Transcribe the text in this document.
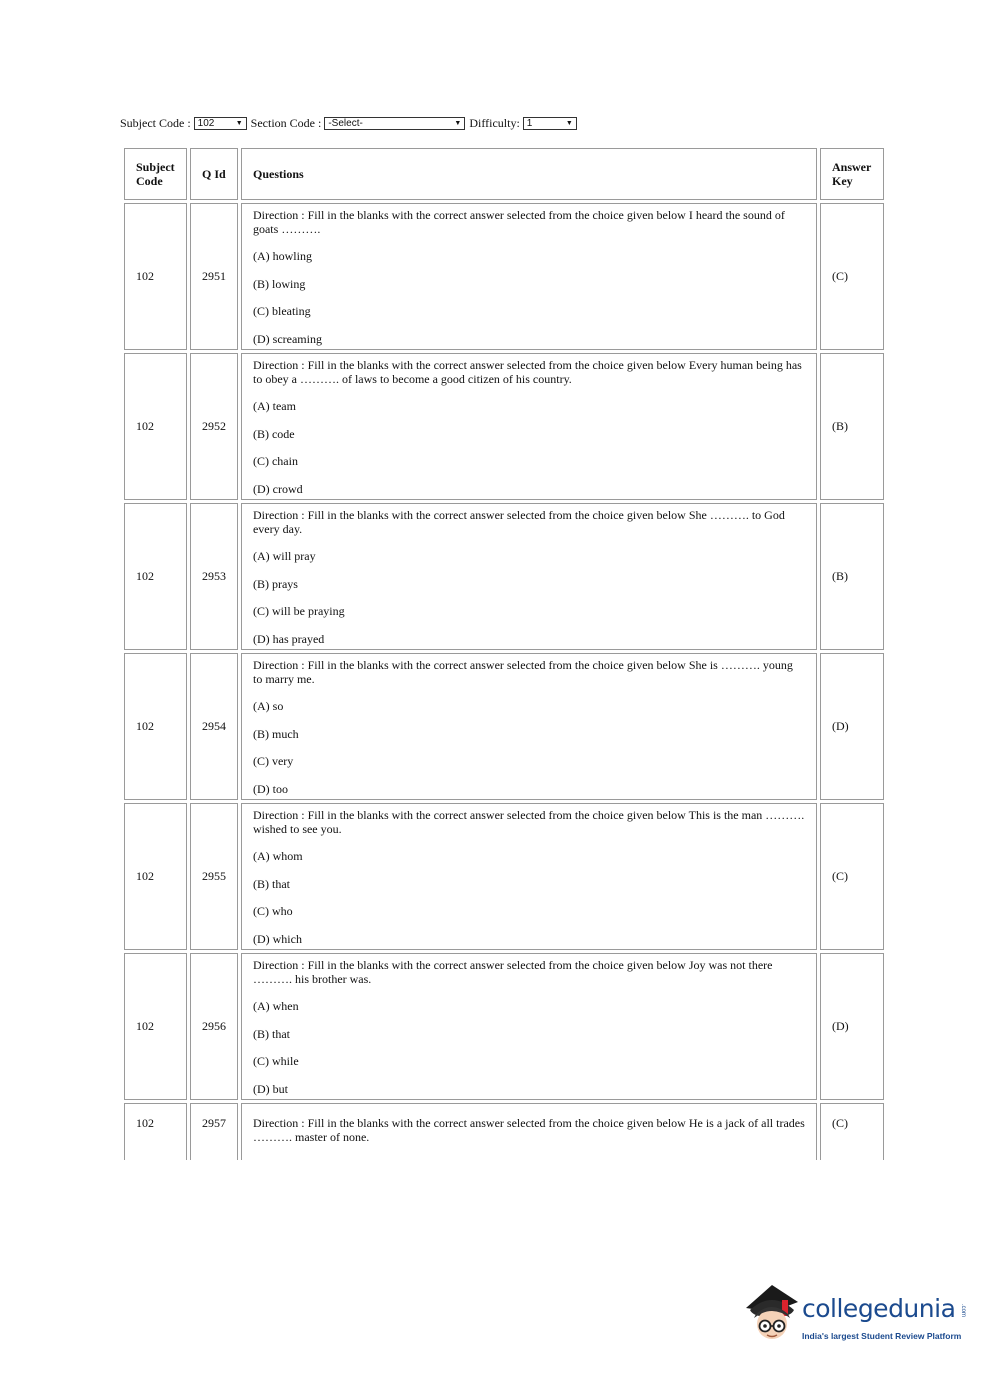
Subject Code : 102	▼ Section Code : -Select-	▼ Difficulty: 1	▼
Subject Code	Q Id	Questions	Answer Key
102	2951	Direction : Fill in the blanks with the correct answer selected from the choice given below I heard the sound of goats ……….
(A) howling
(B) lowing
(C) bleating
(D) screaming	(C)
102	2952	Direction : Fill in the blanks with the correct answer selected from the choice given below Every human being has to obey a ………. of laws to become a good citizen of his country.
(A) team
(B) code
(C) chain
(D) crowd	(B)
102	2953	Direction : Fill in the blanks with the correct answer selected from the choice given below She ………. to God every day.
(A) will pray
(B) prays
(C) will be praying
(D) has prayed	(B)
102	2954	Direction : Fill in the blanks with the correct answer selected from the choice given below She is ………. young to marry me.
(A) so
(B) much
(C) very
(D) too	(D)
102	2955	Direction : Fill in the blanks with the correct answer selected from the choice given below This is the man ………. wished to see you.
(A) whom
(B) that
(C) who
(D) which	(C)
102	2956	Direction : Fill in the blanks with the correct answer selected from the choice given below Joy was not there ………. his brother was.
(A) when
(B) that
(C) while
(D) but	(D)
102	2957	Direction : Fill in the blanks with the correct answer selected from the choice given below He is a jack of all trades ………. master of none.	(C)
collegedunia .com
India's largest Student Review Platform
